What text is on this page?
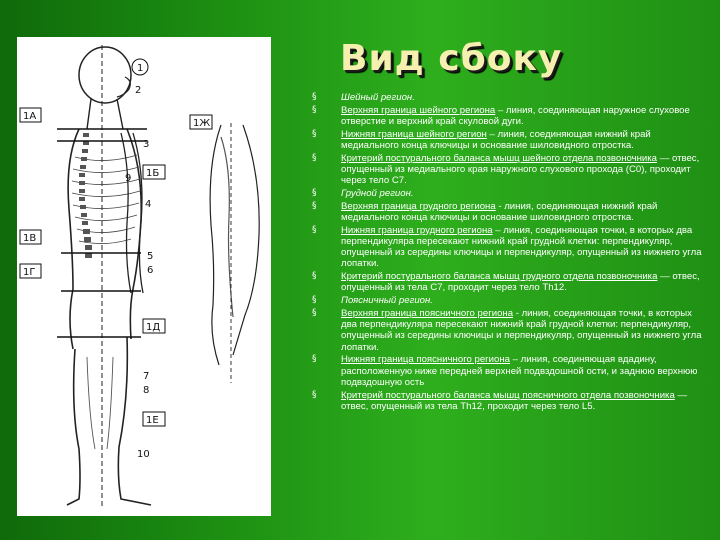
1А
1Ж
1Б
1В
1Г
1Д
1Е
1
2
3
4
5
6
7
8
9
10
Вид сбоку
§	Шейный регион.
§	Верхняя граница шейного региона – линия, соединяющая наружное слуховое отверстие и верхний край скуловой дуги.
§	Нижняя граница шейного регион – линия, соединяющая нижний край медиального конца ключицы и основание шиловидного отростка.
§	Критерий постурального баланса мышц шейного отдела позвоночника — отвес, опущенный из медиального края наружного слухового прохода (С0), проходит через тело С7.
§	Грудной регион.
§	Верхняя граница грудного региона - линия, соединяющая нижний край медиального конца ключицы и основание шиловидного отростка.
§	Нижняя граница грудного региона – линия, соединяющая точки, в которых два перпендикуляра пересекают нижний край грудной клетки: перпендикуляр, опущенный из середины ключицы и перпендикуляр, опущенный из нижнего угла лопатки.
§	Критерий постурального баланса мышц грудного отдела позвоночника — отвес, опущенный из тела С7, проходит через тело Th12.
§	Поясничный регион.
§	Верхняя граница поясничного региона - линия, соединяющая точки, в которых два перпендикуляра пересекают нижний край грудной клетки: перпендикуляр, опущенный из середины ключицы и перпендикуляр, опущенный из нижнего угла лопатки.
§	Нижняя граница поясничного региона – линия, соединяющая вдадину, расположенную ниже передней верхней подвздошной ости, и заднюю верхнюю подвздошную ость
§	Критерий постурального баланса мышц поясничного отдела позвоночника — отвес, опущенный из тела Th12, проходит через тело L5.
